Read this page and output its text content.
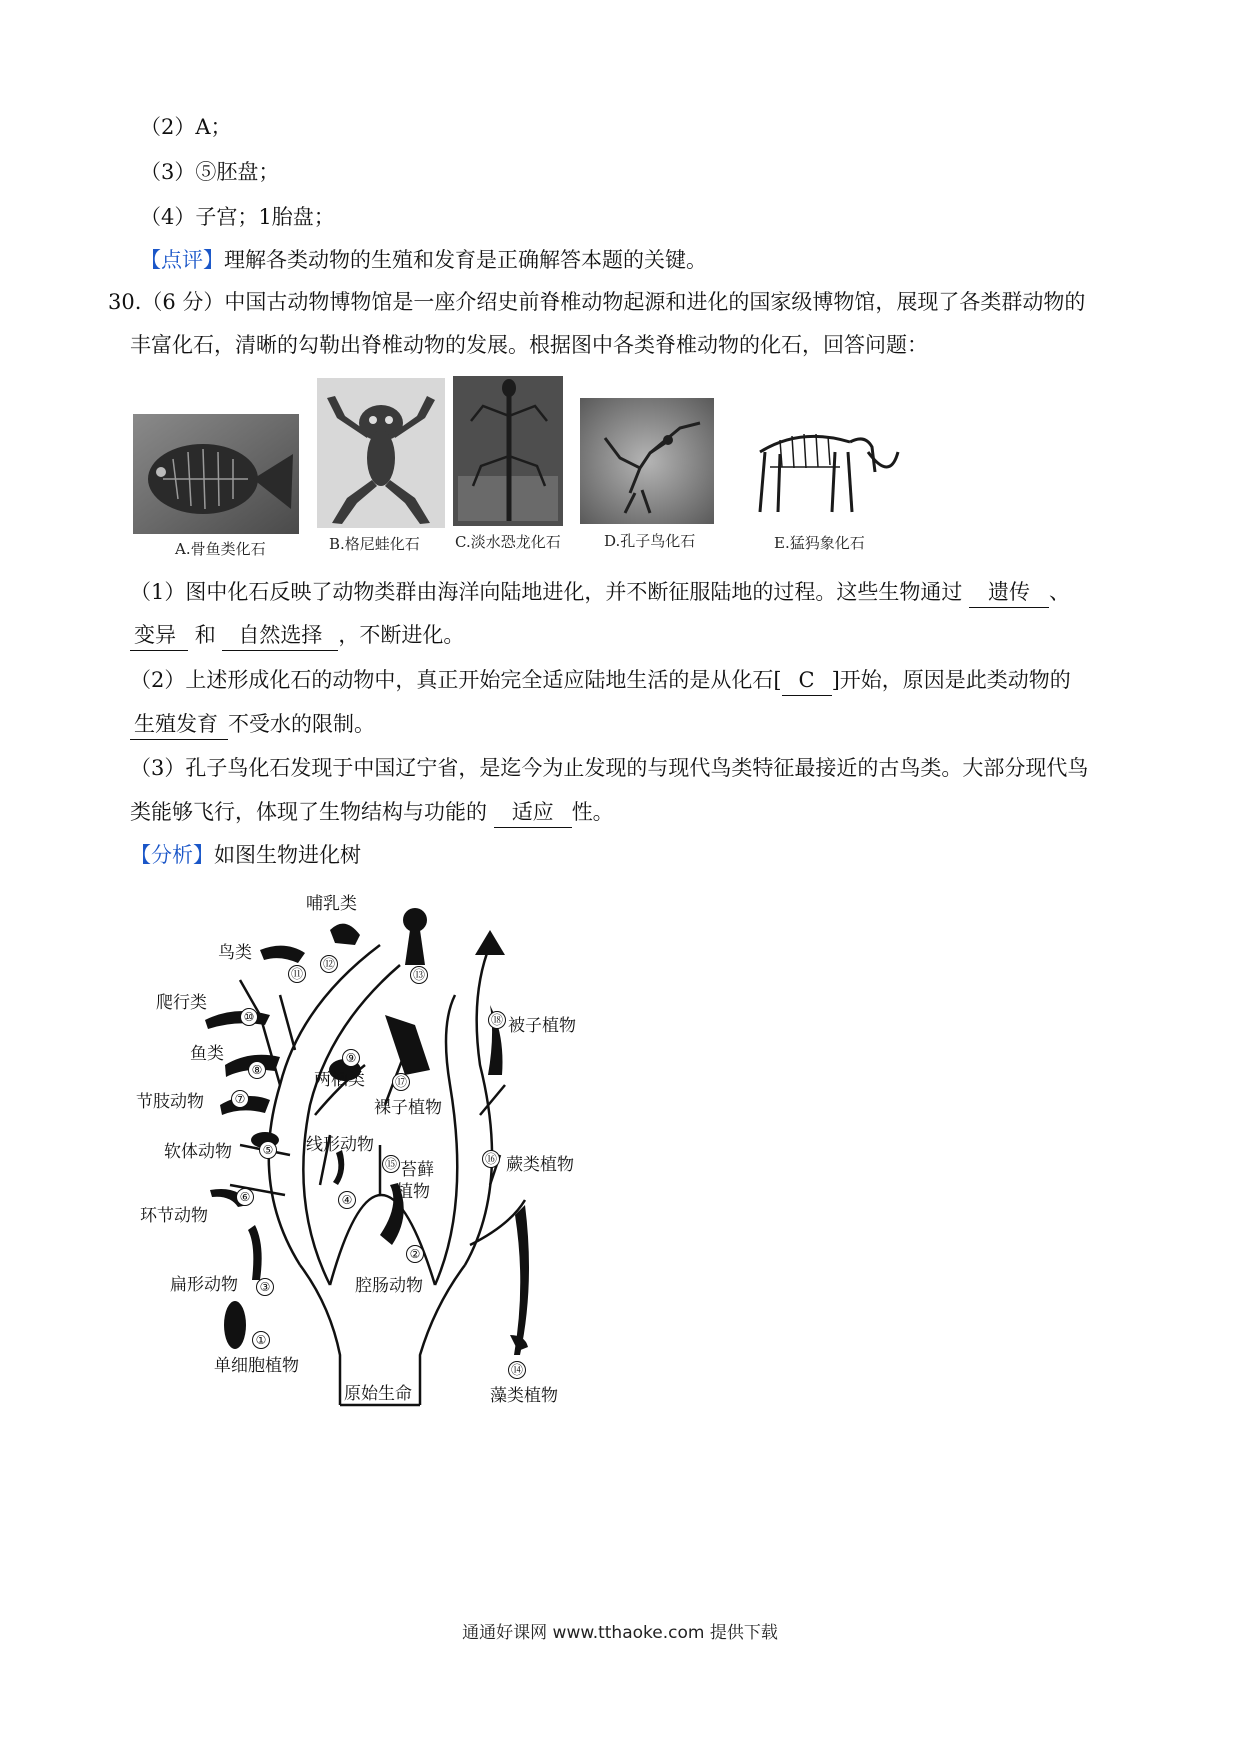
（2）A；
（3）⑤胚盘；
（4）子宫；1胎盘；
【点评】理解各类动物的生殖和发育是正确解答本题的关键。
30.（6 分）中国古动物博物馆是一座介绍史前脊椎动物起源和进化的国家级博物馆，展现了各类群动物的
丰富化石，清晰的勾勒出脊椎动物的发展。根据图中各类脊椎动物的化石，回答问题：
A.骨鱼类化石	B.格尼蛙化石 C.淡水恐龙化石	D.孔子鸟化石	E.猛犸象化石
（1）图中化石反映了动物类群由海洋向陆地进化，并不断征服陆地的过程。这些生物通过 遗传 、
变异 和 自然选择 ，不断进化。
（2）上述形成化石的动物中，真正开始完全适应陆地生活的是从化石[ C ]开始，原因是此类动物的
生殖发育 不受水的限制。
（3）孔子鸟化石发现于中国辽宁省，是迄今为止发现的与现代鸟类特征最接近的古鸟类。大部分现代鸟
类能够飞行，体现了生物结构与功能的 适应 性。
【分析】如图生物进化树
哺乳类
鸟类
爬行类
鱼类
节肢动物
软体动物
环节动物
扁形动物
单细胞植物
原始生命
两栖类
线形动物
裸子植物
苔藓
植物
腔肠动物
被子植物
蕨类植物
藻类植物
①
②
③
④
⑤
⑥
⑦
⑧
⑨
⑩
⑪
⑫
⑬
⑭
⑮	⑯
⑰
⑱
通通好课网 www.tthaoke.com 提供下载
